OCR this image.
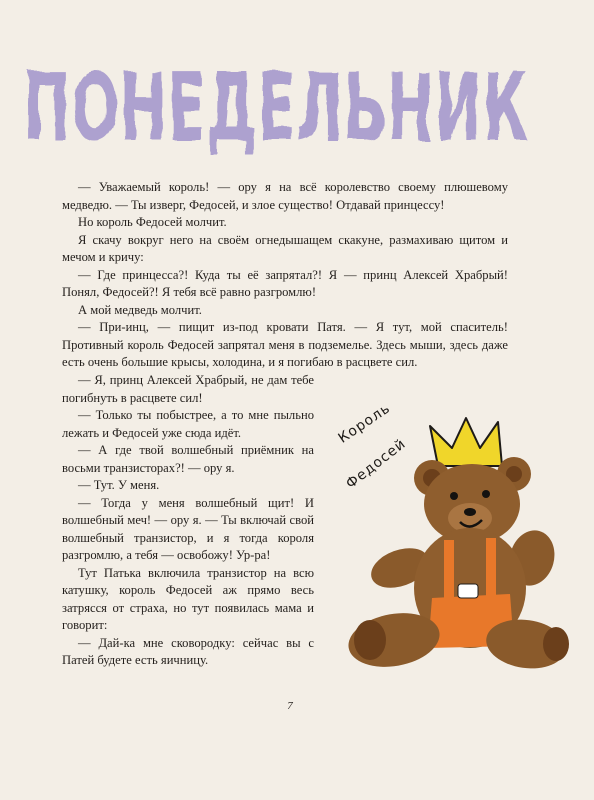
ПОНЕДЕЛЬНИК

— Уважаемый король! — ору я на всё королевство своему плюшевому медведю. — Ты изверг, Федосей, и злое существо! Отдавай принцессу!

Но король Федосей молчит.

Я скачу вокруг него на своём огнедышащем скакуне, размахиваю щитом и мечом и кричу:

— Где принцесса?! Куда ты её запрятал?! Я — принц Алексей Храбрый! Понял, Федосей?! Я тебя всё равно разгромлю!

А мой медведь молчит.

— При-инц, — пищит из-под кровати Патя. — Я тут, мой спаситель! Противный король Федосей запрятал меня в подземелье. Здесь мыши, здесь даже есть очень большие крысы, холодина, и я погибаю в расцвете сил.

— Я, принц Алексей Храбрый, не дам тебе погибнуть в расцвете сил!

— Только ты побыстрее, а то мне пыльно лежать и Федосей уже сюда идёт.

— А где твой волшебный приёмник на восьми транзисторах?! — ору я.

— Тут. У меня.

— Тогда у меня волшебный щит! И волшебный меч! — ору я. — Ты включай свой волшебный транзистор, и я тогда короля разгромлю, а тебя — освобожу! Ур-ра!

Тут Патька включила транзистор на всю катушку, король Федосей аж прямо весь затрясся от страха, но тут появилась мама и говорит:

— Дай-ка мне сковородку: сейчас вы с Патей будете есть яичницу.

Король
Федосей
7
